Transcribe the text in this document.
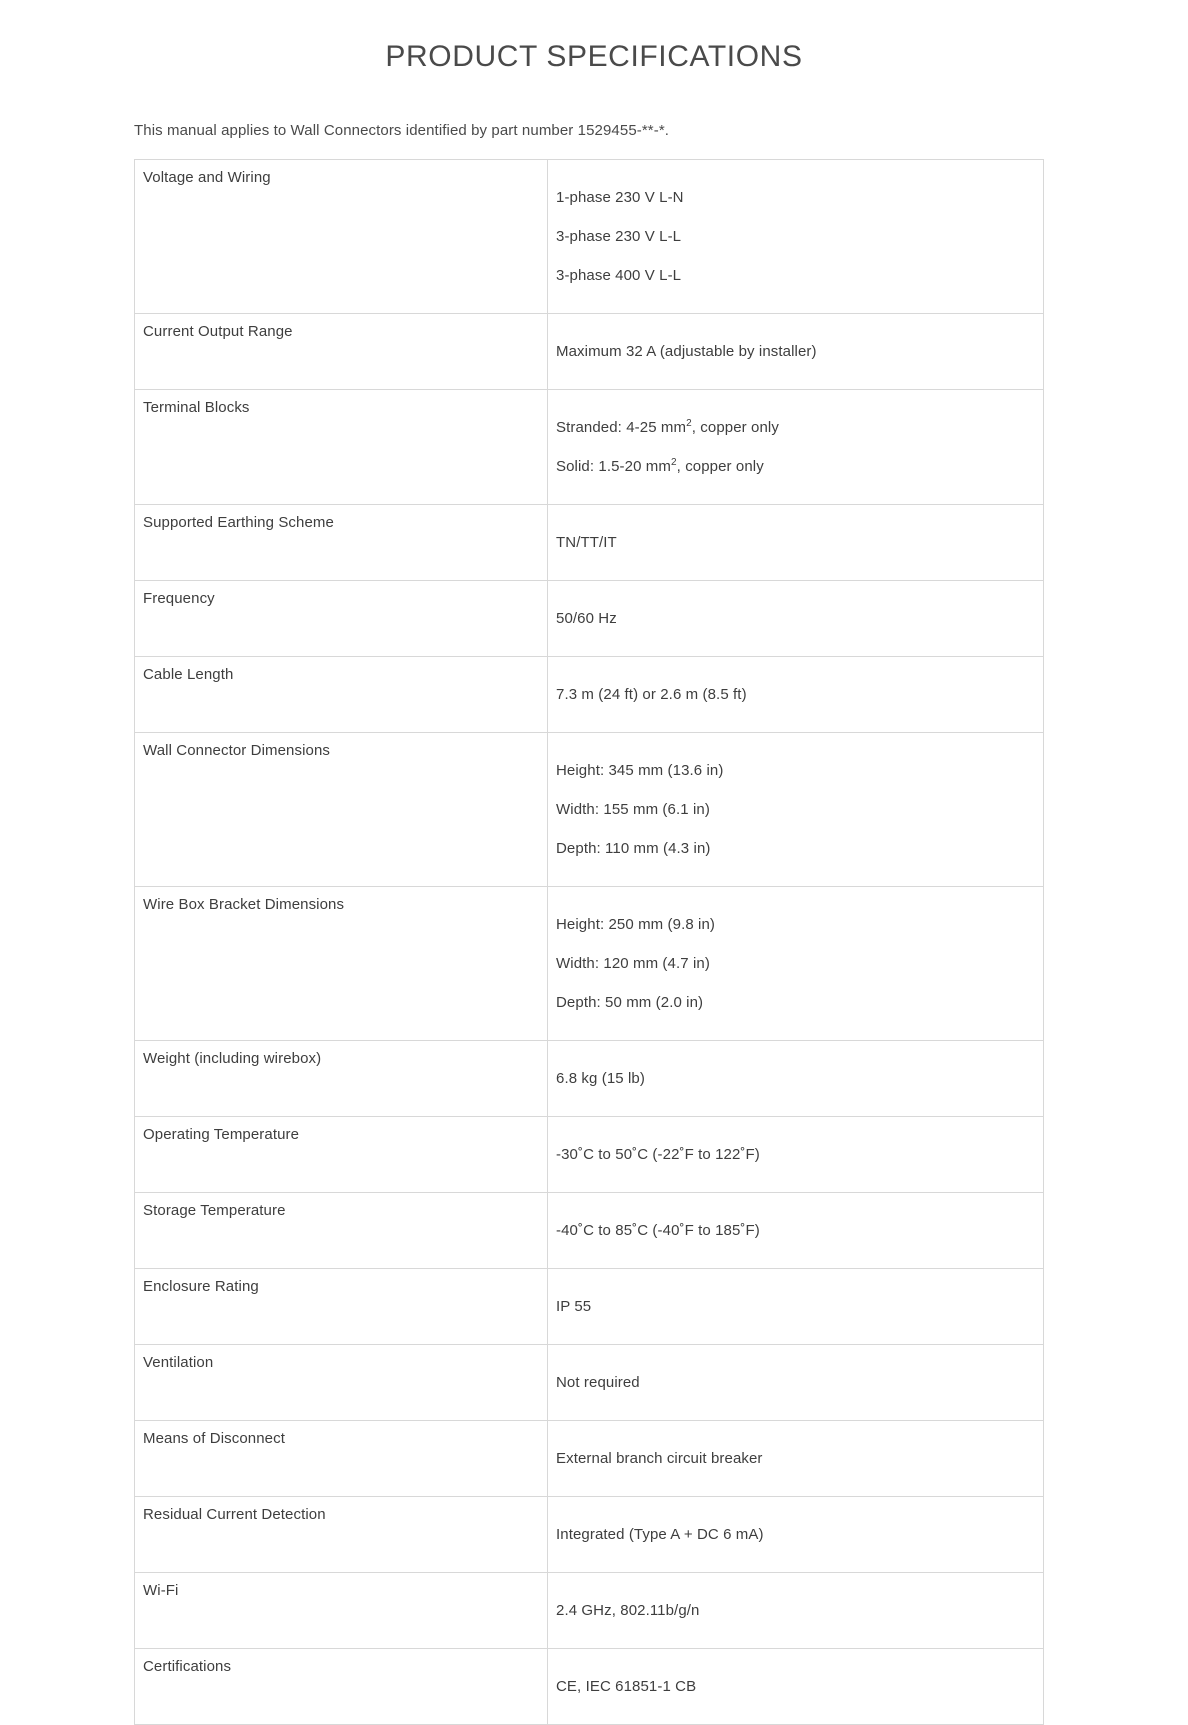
PRODUCT SPECIFICATIONS

This manual applies to Wall Connectors identified by part number 1529455-**-*.

Voltage and Wiring	1-phase 230 V L-N
3-phase 230 V L-L
3-phase 400 V L-L

Current Output Range	Maximum 32 A (adjustable by installer)

Terminal Blocks	Stranded: 4-25 $mm^2$, copper only
Solid: 1.5-20 $mm^2$, copper only

Supported Earthing Scheme	TN/TT/IT

Frequency	50/60 Hz

Cable Length	7.3 m (24 ft) or 2.6 m (8.5 ft)

Wall Connector Dimensions	Height: 345 mm (13.6 in)
Width: 155 mm (6.1 in)
Depth: 110 mm (4.3 in)

Wire Box Bracket Dimensions	Height: 250 mm (9.8 in)
Width: 120 mm (4.7 in)
Depth: 50 mm (2.0 in)

Weight (including wirebox)	6.8 kg (15 lb)

Operating Temperature	-30˚C to 50˚C (-22˚F to 122˚F)

Storage Temperature	-40˚C to 85˚C (-40˚F to 185˚F)

Enclosure Rating	IP 55

Ventilation	Not required

Means of Disconnect	External branch circuit breaker

Residual Current Detection	Integrated (Type A + DC 6 mA)

Wi-Fi	2.4 GHz, 802.11b/g/n

Certifications	CE, IEC 61851-1 CB
